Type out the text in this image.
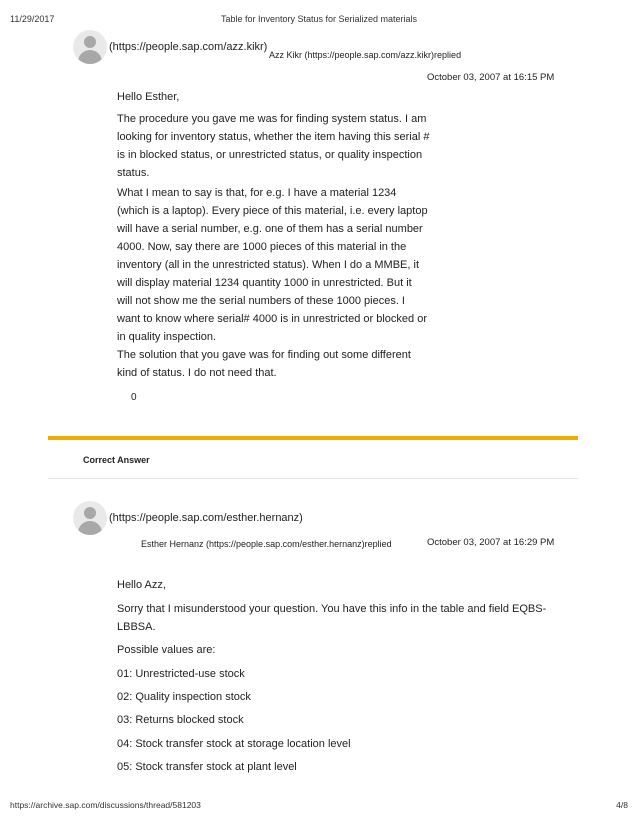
11/29/2017	Table for Inventory Status for Serialized materials
(https://people.sap.com/azz.kikr)
Azz Kikr (https://people.sap.com/azz.kikr)replied
October 03, 2007 at 16:15 PM
Hello Esther,
The procedure you gave me was for finding system status. I am
looking for inventory status, whether the item having this serial #
is in blocked status, or unrestricted status, or quality inspection
status.
What I mean to say is that, for e.g. I have a material 1234
(which is a laptop). Every piece of this material, i.e. every laptop
will have a serial number, e.g. one of them has a serial number
4000. Now, say there are 1000 pieces of this material in the
inventory (all in the unrestricted status). When I do a MMBE, it
will display material 1234 quantity 1000 in unrestricted. But it
will not show me the serial numbers of these 1000 pieces. I
want to know where serial# 4000 is in unrestricted or blocked or
in quality inspection.
The solution that you gave was for finding out some different
kind of status. I do not need that.
0
Correct Answer
(https://people.sap.com/esther.hernanz)
Esther Hernanz (https://people.sap.com/esther.hernanz)replied	October 03, 2007 at 16:29 PM
Hello Azz,
Sorry that I misunderstood your question. You have this info in the table and field EQBS-
LBBSA.
Possible values are:
01: Unrestricted-use stock
02: Quality inspection stock
03: Returns blocked stock
04: Stock transfer stock at storage location level
05: Stock transfer stock at plant level
https://archive.sap.com/discussions/thread/581203	4/8
